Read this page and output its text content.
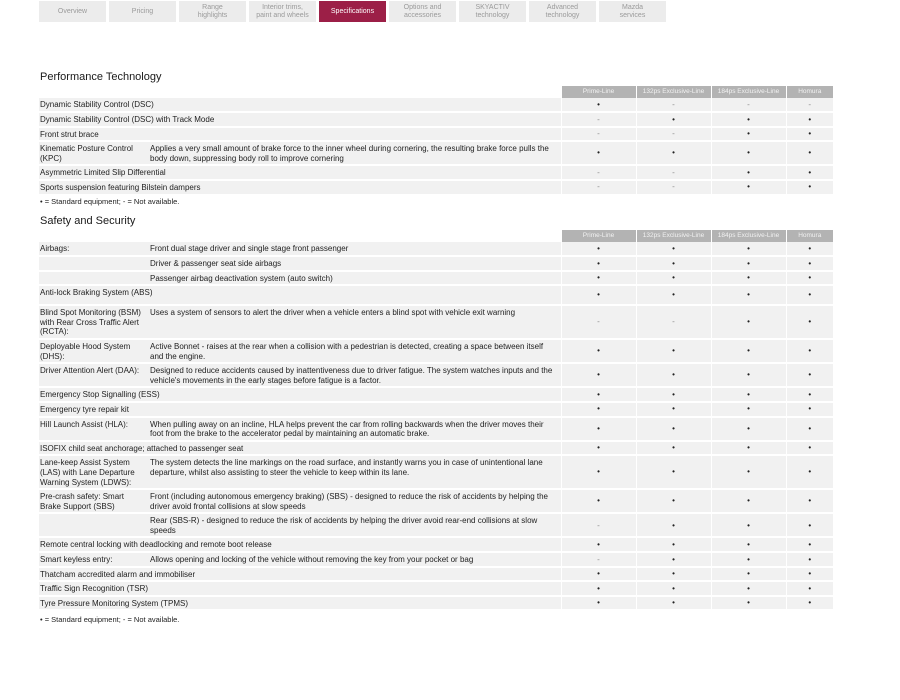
Overview	Pricing
Range
highlights
Interior trims,
paint and wheels
Specifications
Options and
accessories
SKYACTIV
technology
Advanced
technology
Mazda
services
Performance Technology
		Prime-Line	132ps Exclusive-Line	184ps Exclusive-Line	Homura
Dynamic Stability Control (DSC)		•	-	-	-
Dynamic Stability Control (DSC) with Track Mode		-	•	•	•
Front strut brace		-	-	•	•
Kinematic Posture Control (KPC)	Applies a very small amount of brake force to the inner wheel during cornering, the resulting brake force pulls the body down, suppressing body roll to improve cornering	•	•	•	•
Asymmetric Limited Slip Differential		-	-	•	•
Sports suspension featuring Bilstein dampers		-	-	•	•
• = Standard equipment; - = Not available.
Safety and Security
		Prime-Line	132ps Exclusive-Line	184ps Exclusive-Line	Homura
Airbags:	Front dual stage driver and single stage front passenger	•	•	•	•
	Driver & passenger seat side airbags	•	•	•	•
	Passenger airbag deactivation system (auto switch)	•	•	•	•
Anti-lock Braking System (ABS)		•	•	•	•
Blind Spot Monitoring (BSM) with Rear Cross Traffic Alert (RCTA):	Uses a system of sensors to alert the driver when a vehicle enters a blind spot with vehicle exit warning	-	-	•	•
Deployable Hood System (DHS):	Active Bonnet - raises at the rear when a collision with a pedestrian is detected, creating a space between itself and the engine.	•	•	•	•
Driver Attention Alert (DAA):	Designed to reduce accidents caused by inattentiveness due to driver fatigue. The system watches inputs and the vehicle's movements in the early stages before fatigue is a factor.	•	•	•	•
Emergency Stop Signalling (ESS)		•	•	•	•
Emergency tyre repair kit		•	•	•	•
Hill Launch Assist (HLA):	When pulling away on an incline, HLA helps prevent the car from rolling backwards when the driver moves their foot from the brake to the accelerator pedal by maintaining an automatic brake.	•	•	•	•
ISOFIX child seat anchorage; attached to passenger seat		•	•	•	•
Lane-keep Assist System (LAS) with Lane Departure Warning System (LDWS):	The system detects the line markings on the road surface, and instantly warns you in case of unintentional lane departure, whilst also assisting to steer the vehicle to keep within its lane.	•	•	•	•
Pre-crash safety: Smart Brake Support (SBS)	Front (including autonomous emergency braking) (SBS) - designed to reduce the risk of accidents by helping the driver avoid frontal collisions at slow speeds	•	•	•	•
	Rear (SBS-R) - designed to reduce the risk of accidents by helping the driver avoid rear-end collisions at slow speeds	-	•	•	•
Remote central locking with deadlocking and remote boot release		•	•	•	•
Smart keyless entry:	Allows opening and locking of the vehicle without removing the key from your pocket or bag	-	•	•	•
Thatcham accredited alarm and immobiliser		•	•	•	•
Traffic Sign Recognition (TSR)		•	•	•	•
Tyre Pressure Monitoring System (TPMS)		•	•	•	•
• = Standard equipment; - = Not available.
